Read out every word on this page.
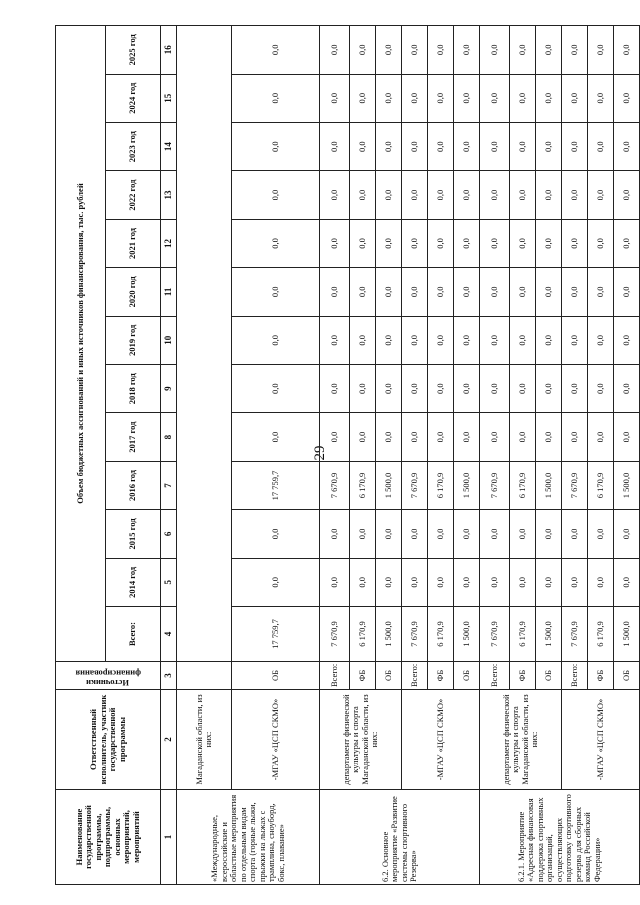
29
Наименование государственной программы, подпрограммы, основных мероприятий, мероприятий	Ответственный исполнитель, участник государственной программы	Источники финансирования	Объем бюджетных ассигнований и иных источников финансирования, тыс. рублей												
			Всего:	2014 год	2015 год	2016 год	2017 год	2018 год	2019 год	2020 год	2021 год	2022 год	2023 год	2024 год	2025 год
1	2	3	4	5	6	7	8	9	10	11	12	13	14	15	16
«Международные, всероссийские и областные мероприятия по отдельным видам спорта (горные лыжи, прыжки на лыжах с трамплина, сноуборд, бокс, плавание»	Магаданской области, из них:														
	-МГАУ «ЦСП СКМО»	ОБ	17 759,7	0,0	0,0	17 759,7	0,0	0,0	0,0	0,0	0,0	0,0	0,0	0,0	0,0
6.2. Основное мероприятие «Развитие системы спортивного Резерва»	департамент физической культуры и спорта Магаданской области, из них:	Всего:	7 670,9	0,0	0,0	7 670,9	0,0	0,0	0,0	0,0	0,0	0,0	0,0	0,0	0,0
		ФБ	6 170,9	0,0	0,0	6 170,9	0,0	0,0	0,0	0,0	0,0	0,0	0,0	0,0	0,0
		ОБ	1 500,0	0,0	0,0	1 500,0	0,0	0,0	0,0	0,0	0,0	0,0	0,0	0,0	0,0
	-МГАУ «ЦСП СКМО»	Всего:	7 670,9	0,0	0,0	7 670,9	0,0	0,0	0,0	0,0	0,0	0,0	0,0	0,0	0,0
		ФБ	6 170,9	0,0	0,0	6 170,9	0,0	0,0	0,0	0,0	0,0	0,0	0,0	0,0	0,0
		ОБ	1 500,0	0,0	0,0	1 500,0	0,0	0,0	0,0	0,0	0,0	0,0	0,0	0,0	0,0
6.2.1. Мероприятие «Адресная финансовая поддержка спортивных организаций, осуществляющих подготовку спортивного резерва для сборных команд Российской Федерации»	департамент физической культуры и спорта Магаданской области, из них:	Всего:	7 670,9	0,0	0,0	7 670,9	0,0	0,0	0,0	0,0	0,0	0,0	0,0	0,0	0,0
		ФБ	6 170,9	0,0	0,0	6 170,9	0,0	0,0	0,0	0,0	0,0	0,0	0,0	0,0	0,0
		ОБ	1 500,0	0,0	0,0	1 500,0	0,0	0,0	0,0	0,0	0,0	0,0	0,0	0,0	0,0
	-МГАУ «ЦСП СКМО»	Всего:	7 670,9	0,0	0,0	7 670,9	0,0	0,0	0,0	0,0	0,0	0,0	0,0	0,0	0,0
		ФБ	6 170,9	0,0	0,0	6 170,9	0,0	0,0	0,0	0,0	0,0	0,0	0,0	0,0	0,0
		ОБ	1 500,0	0,0	0,0	1 500,0	0,0	0,0	0,0	0,0	0,0	0,0	0,0	0,0	0,0
